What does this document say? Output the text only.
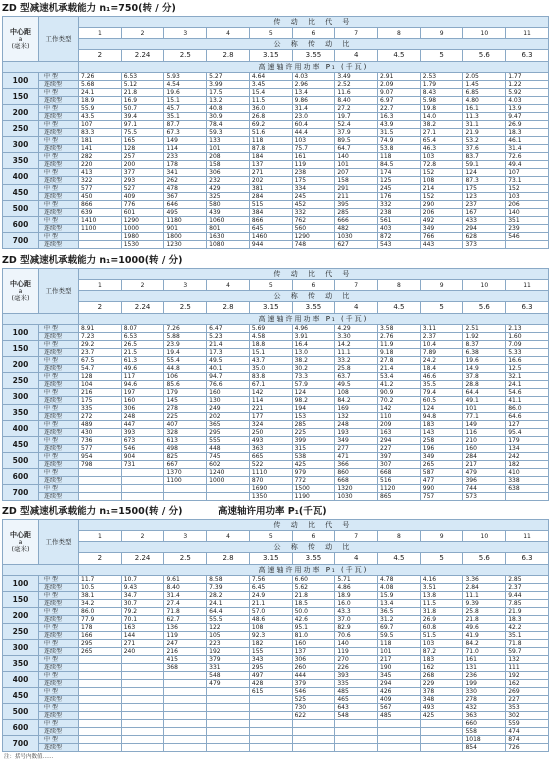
ZD 型减速机承载能力 n₁=750(转 / 分)
中心距
a
(毫米)	工作类型	传 动 比 代 号										
		1	2	3	4	5	6	7	8	9	10	11
		公 称 传 动 比										
		2	2.24	2.5	2.8	3.15	3.55	4	4.5	5	5.6	6.3
		高速轴许用功率 P₁ (千瓦)										
100	中 型	7.26	6.53	5.93	5.27	4.64	4.03	3.49	2.91	2.53	2.05	1.77
	连续型	5.68	5.12	4.54	3.99	3.45	2.96	2.52	2.09	1.79	1.45	1.22
150	中 型	24.1	21.8	19.6	17.5	15.4	13.4	11.6	9.07	8.43	6.85	5.92
	连续型	18.9	16.9	15.1	13.2	11.5	9.86	8.40	6.97	5.98	4.80	4.03
200	中 型	55.9	50.7	45.7	40.8	36.0	31.4	27.2	22.7	19.8	16.1	13.9
	连续型	43.5	39.4	35.1	30.9	26.8	23.0	19.7	16.3	14.0	11.3	9.47
250	中 型	107	97.1	87.7	78.4	69.2	60.4	52.4	43.9	38.2	31.1	26.9
	连续型	83.3	75.5	67.3	59.3	51.6	44.4	37.9	31.5	27.1	21.9	18.3
300	中 型	181	165	149	133	118	103	89.5	74.9	65.4	53.2	46.1
	连续型	141	128	114	101	87.8	75.7	64.7	53.8	46.3	37.6	31.4
350	中 型	282	257	233	208	184	161	140	118	103	83.7	72.6
	连续型	220	200	178	158	137	119	101	84.5	72.8	59.1	49.4
400	中 型	413	377	341	306	271	238	207	174	152	124	107
	连续型	322	293	262	232	202	175	158	125	108	87.3	73.1
450	中 型	577	527	478	429	381	334	291	245	214	175	152
	连续型	450	409	367	325	284	245	211	176	152	123	103
500	中 型	866	776	646	580	515	452	395	332	290	237	206
	连续型	639	601	495	439	384	332	285	238	206	167	140
600	中 型	1410	1290	1180	1060	866	762	666	561	492	433	351
	连续型	1100	1000	901	801	645	560	482	403	349	294	239
700	中 型		1980	1800	1630	1460	1290	1030	872	766	628	546
	连续型		1530	1230	1080	944	748	627	543	443	373	
ZD 型减速机承载能力 n₁=1000(转 / 分)
中心距
a
(毫米)	工作类型	传 动 比 代 号										
		1	2	3	4	5	6	7	8	9	10	11
		公 称 传 动 比										
		2	2.24	2.5	2.8	3.15	3.55	4	4.5	5	5.6	6.3
		高速轴许用功率 P₁ (千瓦)										
100	中 型	8.91	8.07	7.26	6.47	5.69	4.96	4.29	3.58	3.11	2.51	2.13
	连续型	7.23	6.53	5.88	5.23	4.58	3.91	3.30	2.76	2.37	1.92	1.60
150	中 型	29.2	26.5	23.9	21.4	18.8	16.4	14.2	11.9	10.4	8.37	7.09
	连续型	23.7	21.5	19.4	17.3	15.1	13.0	11.1	9.18	7.89	6.38	5.33
200	中 型	67.5	61.3	55.4	49.5	43.7	38.2	33.2	27.8	24.2	19.6	16.6
	连续型	54.7	49.6	44.8	40.1	35.0	30.2	25.8	21.4	18.4	14.9	12.5
250	中 型	128	117	106	94.7	83.8	73.3	63.7	53.4	46.6	37.8	32.1
	连续型	104	94.6	85.6	76.6	67.1	57.9	49.5	41.2	35.5	28.8	24.1
300	中 型	216	197	179	160	142	124	108	90.9	79.4	64.4	54.6
	连续型	175	160	145	130	114	98.2	84.2	70.2	60.5	49.1	41.1
350	中 型	335	306	278	249	221	194	169	142	124	101	86.0
	连续型	272	248	225	202	177	153	132	110	94.8	77.1	64.6
400	中 型	489	447	407	365	324	285	248	209	183	149	127
	连续型	430	393	328	295	250	225	193	163	143	116	95.4
450	中 型	736	673	613	555	493	399	349	294	258	210	179
	连续型	577	546	498	448	363	315	277	227	196	160	134
500	中 型	954	904	825	745	665	538	471	397	349	284	242
	连续型	798	731	667	602	522	425	366	307	265	217	182
600	中 型			1370	1240	1110	979	860	668	587	479	410
	连续型			1100	1000	870	772	668	516	477	396	338
700	中 型					1690	1500	1320	1120	990	744	638
	连续型					1350	1190	1030	865	757	573	
ZD 型减速机承载能力 n₁=1500(转 / 分)	高速轴许用功率 P₁(千瓦)
中心距
a
(毫米)	工作类型	传 动 比 代 号										
		1	2	3	4	5	6	7	8	9	10	11
		公 称 传 动 比										
		2	2.24	2.5	2.8	3.15	3.55	4	4.5	5	5.6	6.3
		高速轴许用功率 P₁ (千瓦)										
100	中 型	11.7	10.7	9.61	8.58	7.56	6.60	5.71	4.78	4.16	3.36	2.85
	连续型	10.5	9.43	8.40	7.39	6.45	5.62	4.86	4.08	3.51	2.84	2.37
150	中 型	38.1	34.7	31.4	28.2	24.9	21.8	18.9	15.9	13.8	11.1	9.44
	连续型	34.2	30.7	27.4	24.1	21.1	18.5	16.0	13.4	11.5	9.39	7.85
200	中 型	86.0	79.2	71.8	64.4	57.0	50.0	43.3	36.5	31.8	25.8	21.9
	连续型	77.9	70.1	62.7	55.5	48.6	42.6	37.0	31.2	26.9	21.8	18.3
250	中 型	178	163	136	122	108	95.1	82.9	69.7	60.8	49.6	42.2
	连续型	166	144	119	105	92.3	81.0	70.6	59.5	51.5	41.9	35.1
300	中 型	295	271	247	223	182	160	140	118	103	84.2	71.8
	连续型	265	240	216	192	155	137	119	101	87.2	71.0	59.7
350	中 型			415	379	343	306	270	217	183	161	132
	连续型			368	331	295	260	226	190	162	131	111
400	中 型				548	497	444	393	345	268	236	192
	连续型				479	428	379	335	294	229	199	162
450	中 型					615	546	485	426	378	330	269
	连续型						525	465	409	348	278	227
500	中 型						730	643	567	493	432	353
	连续型						622	548	485	425	363	302
600	中 型										660	559
	连续型										558	474
700	中 型										1018	874
	连续型										854	726
注：括号内数值……
